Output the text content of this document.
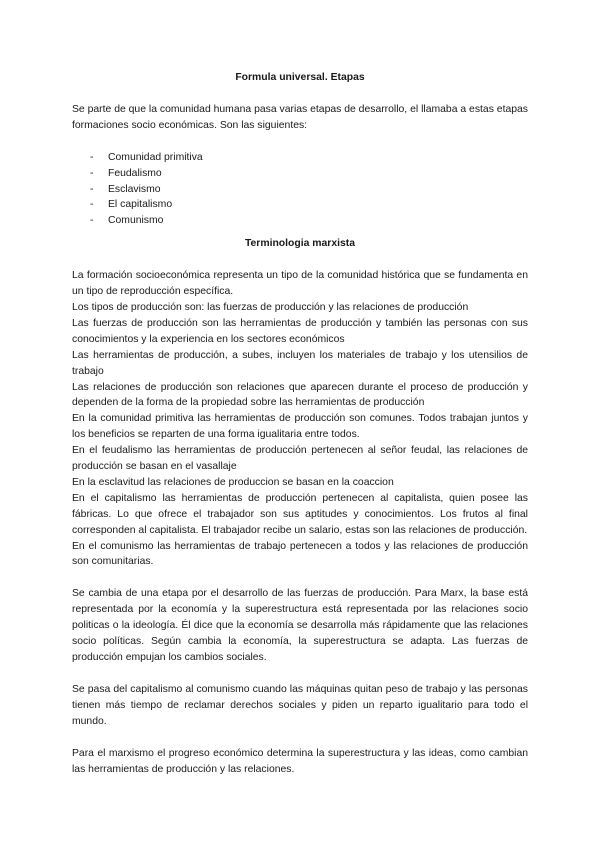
Formula universal. Etapas

Se parte de que la comunidad humana pasa varias etapas de desarrollo, el llamaba a estas etapas formaciones socio económicas. Son las siguientes:

- Comunidad primitiva
- Feudalismo
- Esclavismo
- El capitalismo
- Comunismo

Terminologia marxista

La formación socioeconómica representa un tipo de la comunidad histórica que se fundamenta en un tipo de reproducción específica.

Los tipos de producción son: las fuerzas de producción y las relaciones de producción

Las fuerzas de producción son las herramientas de producción y también las personas con sus conocimientos y la experiencia en los sectores económicos

Las herramientas de producción, a subes, incluyen los materiales de trabajo y los utensilios de trabajo

Las relaciones de producción son relaciones que aparecen durante el proceso de producción y dependen de la forma de la propiedad sobre las herramientas de producción

En la comunidad primitiva las herramientas de producción son comunes. Todos trabajan juntos y los beneficios se reparten de una forma igualitaria entre todos.

En el feudalismo las herramientas de producción pertenecen al señor feudal, las relaciones de producción se basan en el vasallaje

En la esclavitud las relaciones de produccion se basan en la coaccion

En el capitalismo las herramientas de producción pertenecen al capitalista, quien posee las fábricas. Lo que ofrece el trabajador son sus aptitudes y conocimientos. Los frutos al final corresponden al capitalista. El trabajador recibe un salario, estas son las relaciones de producción.

En el comunismo las herramientas de trabajo pertenecen a todos y las relaciones de producción son comunitarias.

Se cambia de una etapa por el desarrollo de las fuerzas de producción. Para Marx, la base está representada por la economía y la superestructura está representada por las relaciones socio politicas o la ideología. Él dice que la economía se desarrolla más rápidamente que las relaciones socio políticas. Según cambia la economía, la superestructura se adapta. Las fuerzas de producción empujan los cambios sociales.

Se pasa del capitalismo al comunismo cuando las máquinas quitan peso de trabajo y las personas tienen más tiempo de reclamar derechos sociales y piden un reparto igualitario para todo el mundo.

Para el marxismo el progreso económico determina la superestructura y las ideas, como cambian las herramientas de producción y las relaciones.
